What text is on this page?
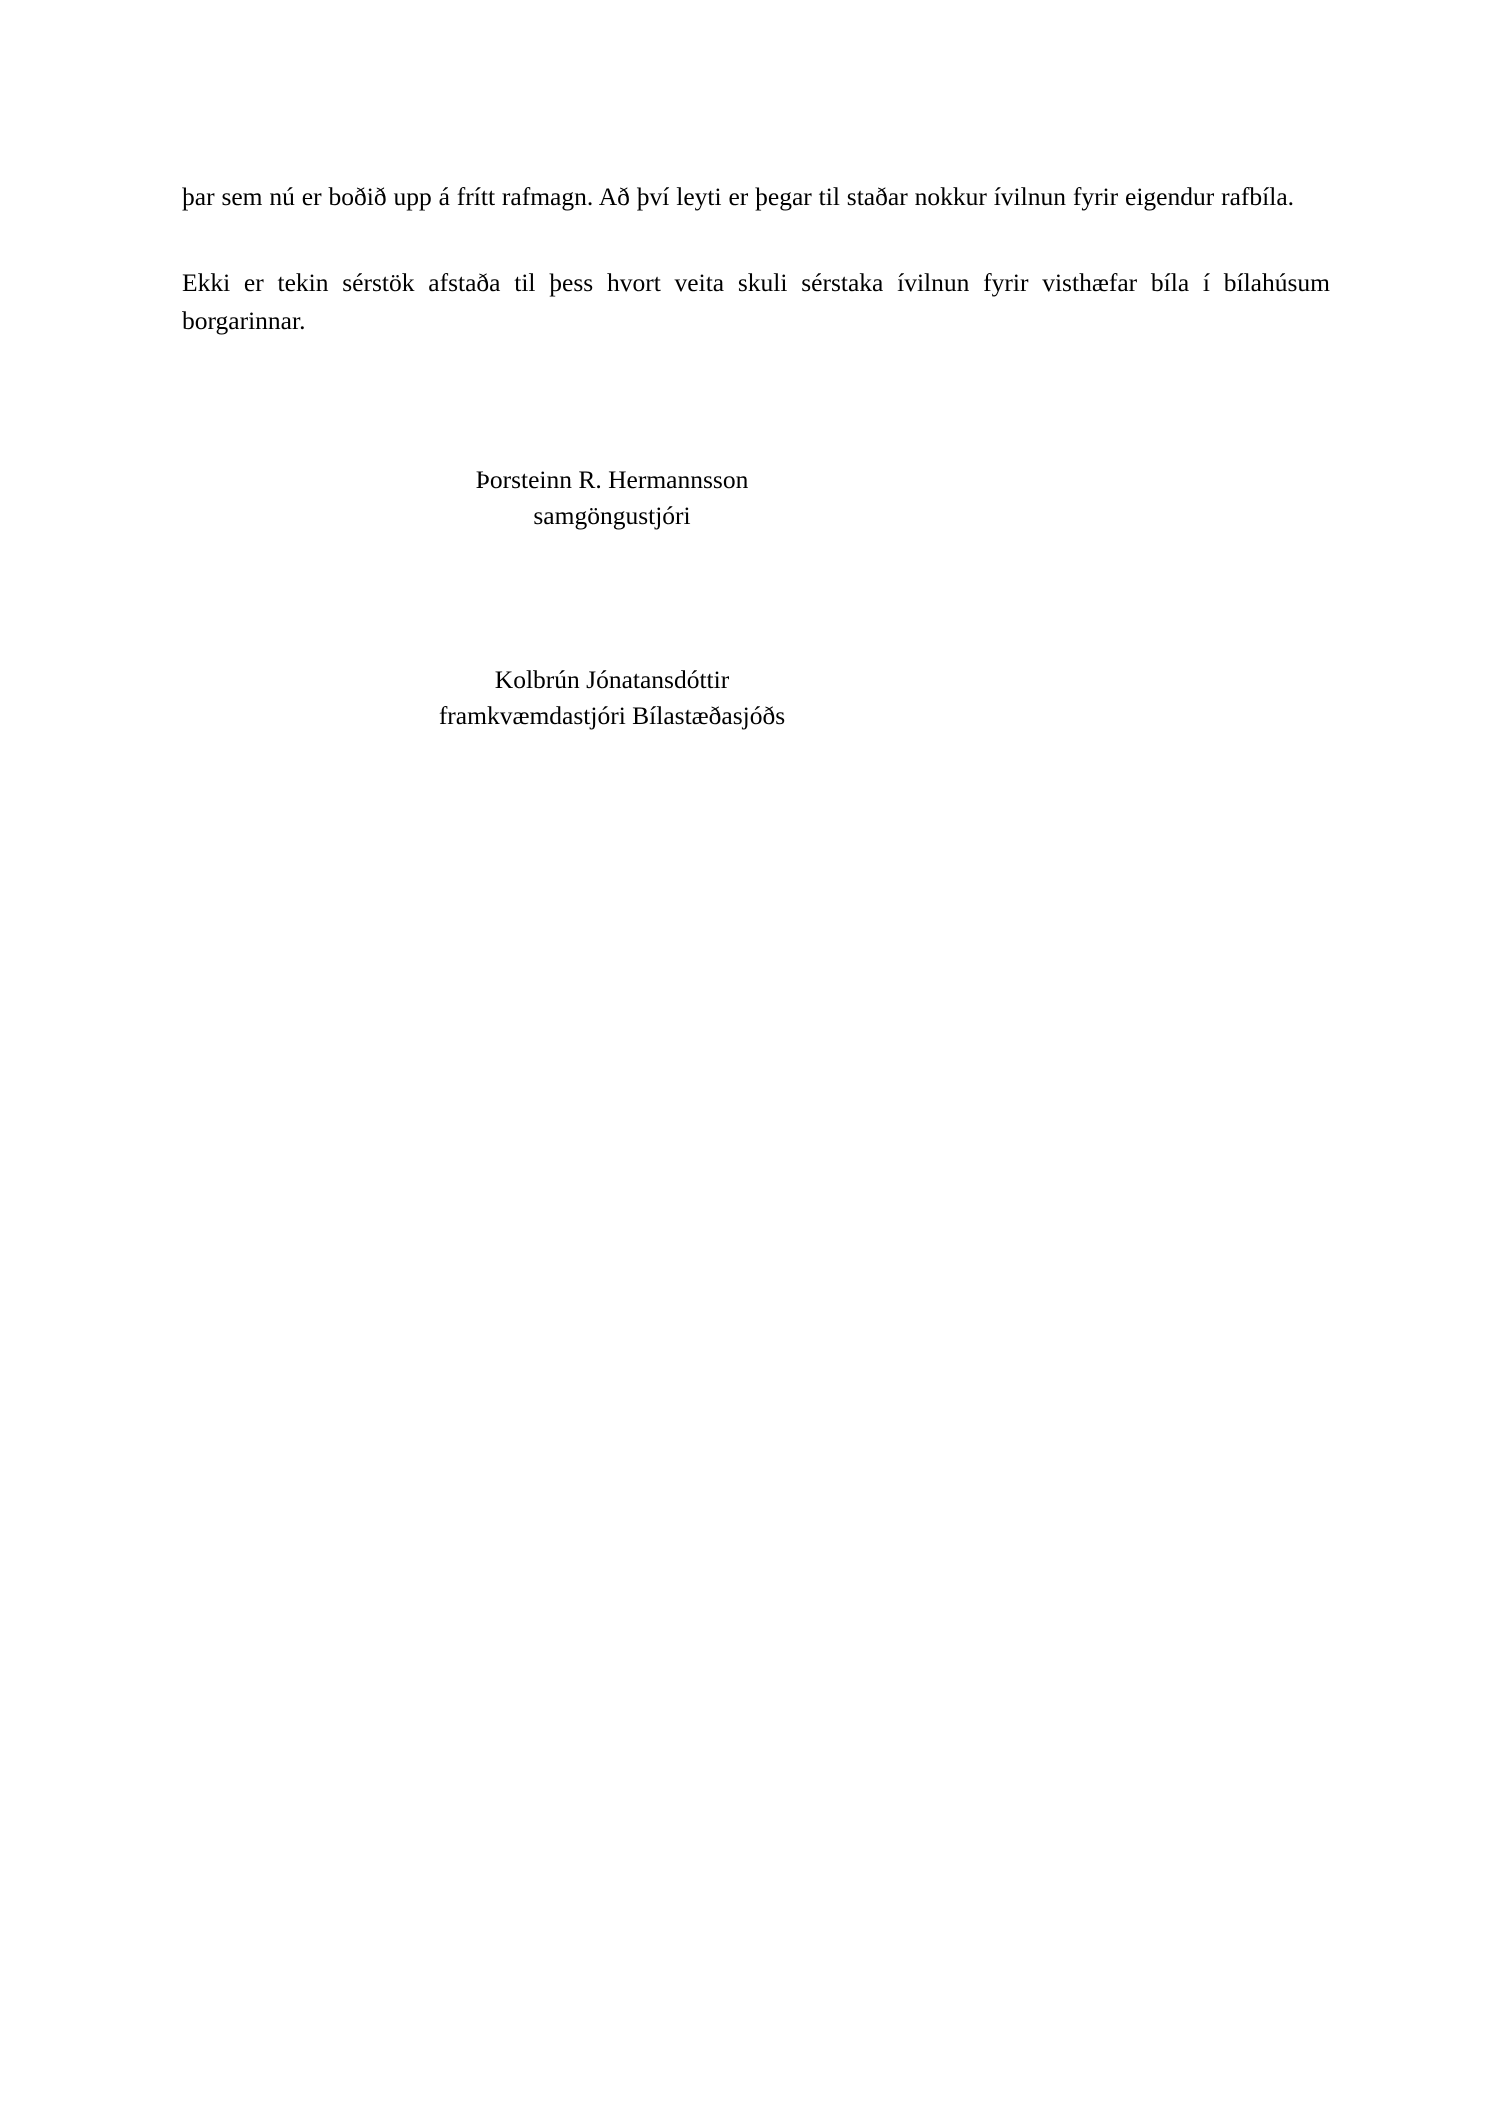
þar sem nú er boðið upp á frítt rafmagn. Að því leyti er þegar til staðar nokkur ívilnun fyrir eigendur rafbíla.

Ekki er tekin sérstök afstaða til þess hvort veita skuli sérstaka ívilnun fyrir visthæfar bíla í bílahúsum borgarinnar.

Þorsteinn R. Hermannsson
samgöngustjóri
Kolbrún Jónatansdóttir
framkvæmdastjóri Bílastæðasjóðs
